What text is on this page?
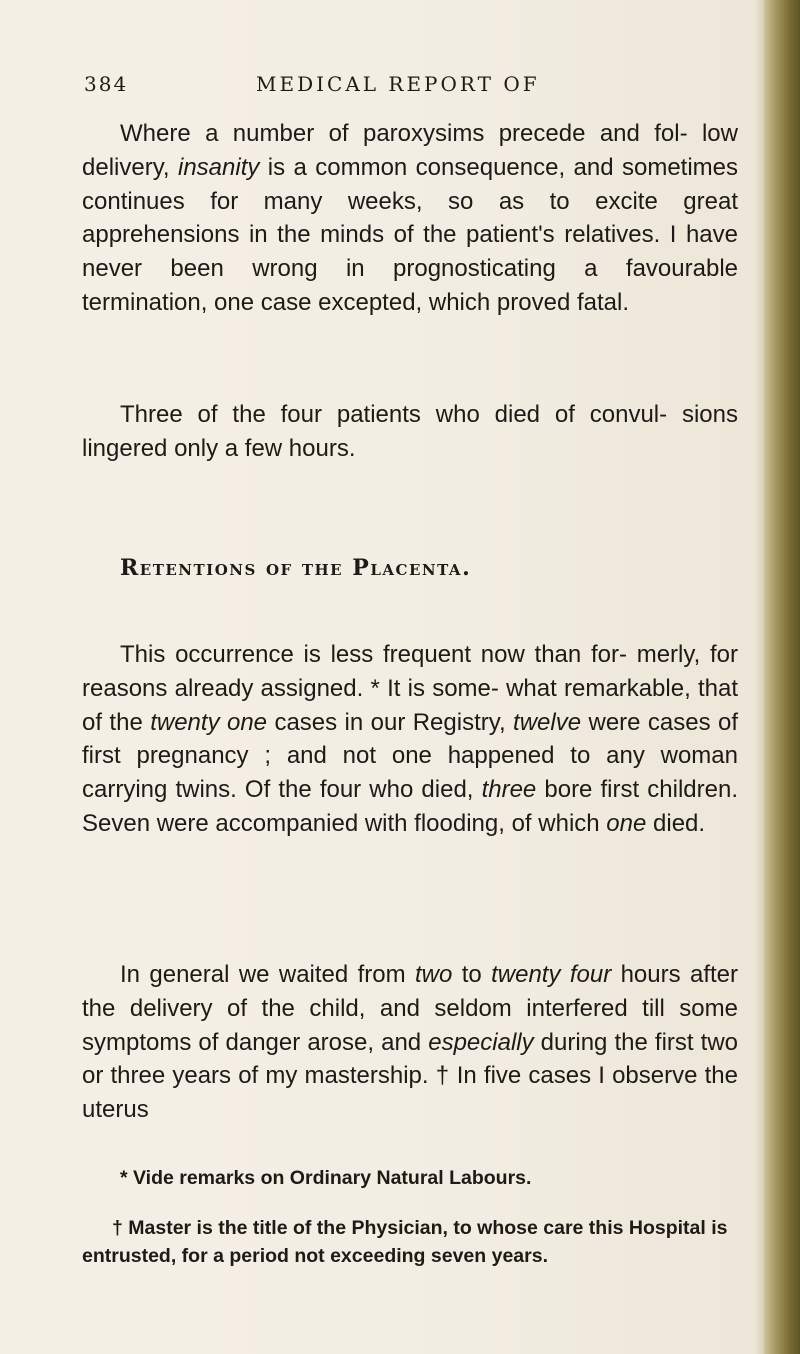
384	MEDICAL REPORT OF
Where a number of paroxysims precede and fol- low delivery, insanity is a common consequence, and sometimes continues for many weeks, so as to excite great apprehensions in the minds of the patient's relatives. I have never been wrong in prognosticating a favourable termination, one case excepted, which proved fatal.
Three of the four patients who died of convul- sions lingered only a few hours.
Retentions of the Placenta.
This occurrence is less frequent now than for- merly, for reasons already assigned. * It is some- what remarkable, that of the twenty one cases in our Registry, twelve were cases of first pregnancy ; and not one happened to any woman carrying twins. Of the four who died, three bore first children. Seven were accompanied with flooding, of which one died.
In general we waited from two to twenty four hours after the delivery of the child, and seldom interfered till some symptoms of danger arose, and especially during the first two or three years of my mastership. † In five cases I observe the uterus
* Vide remarks on Ordinary Natural Labours.
† Master is the title of the Physician, to whose care this Hospital is entrusted, for a period not exceeding seven years.
